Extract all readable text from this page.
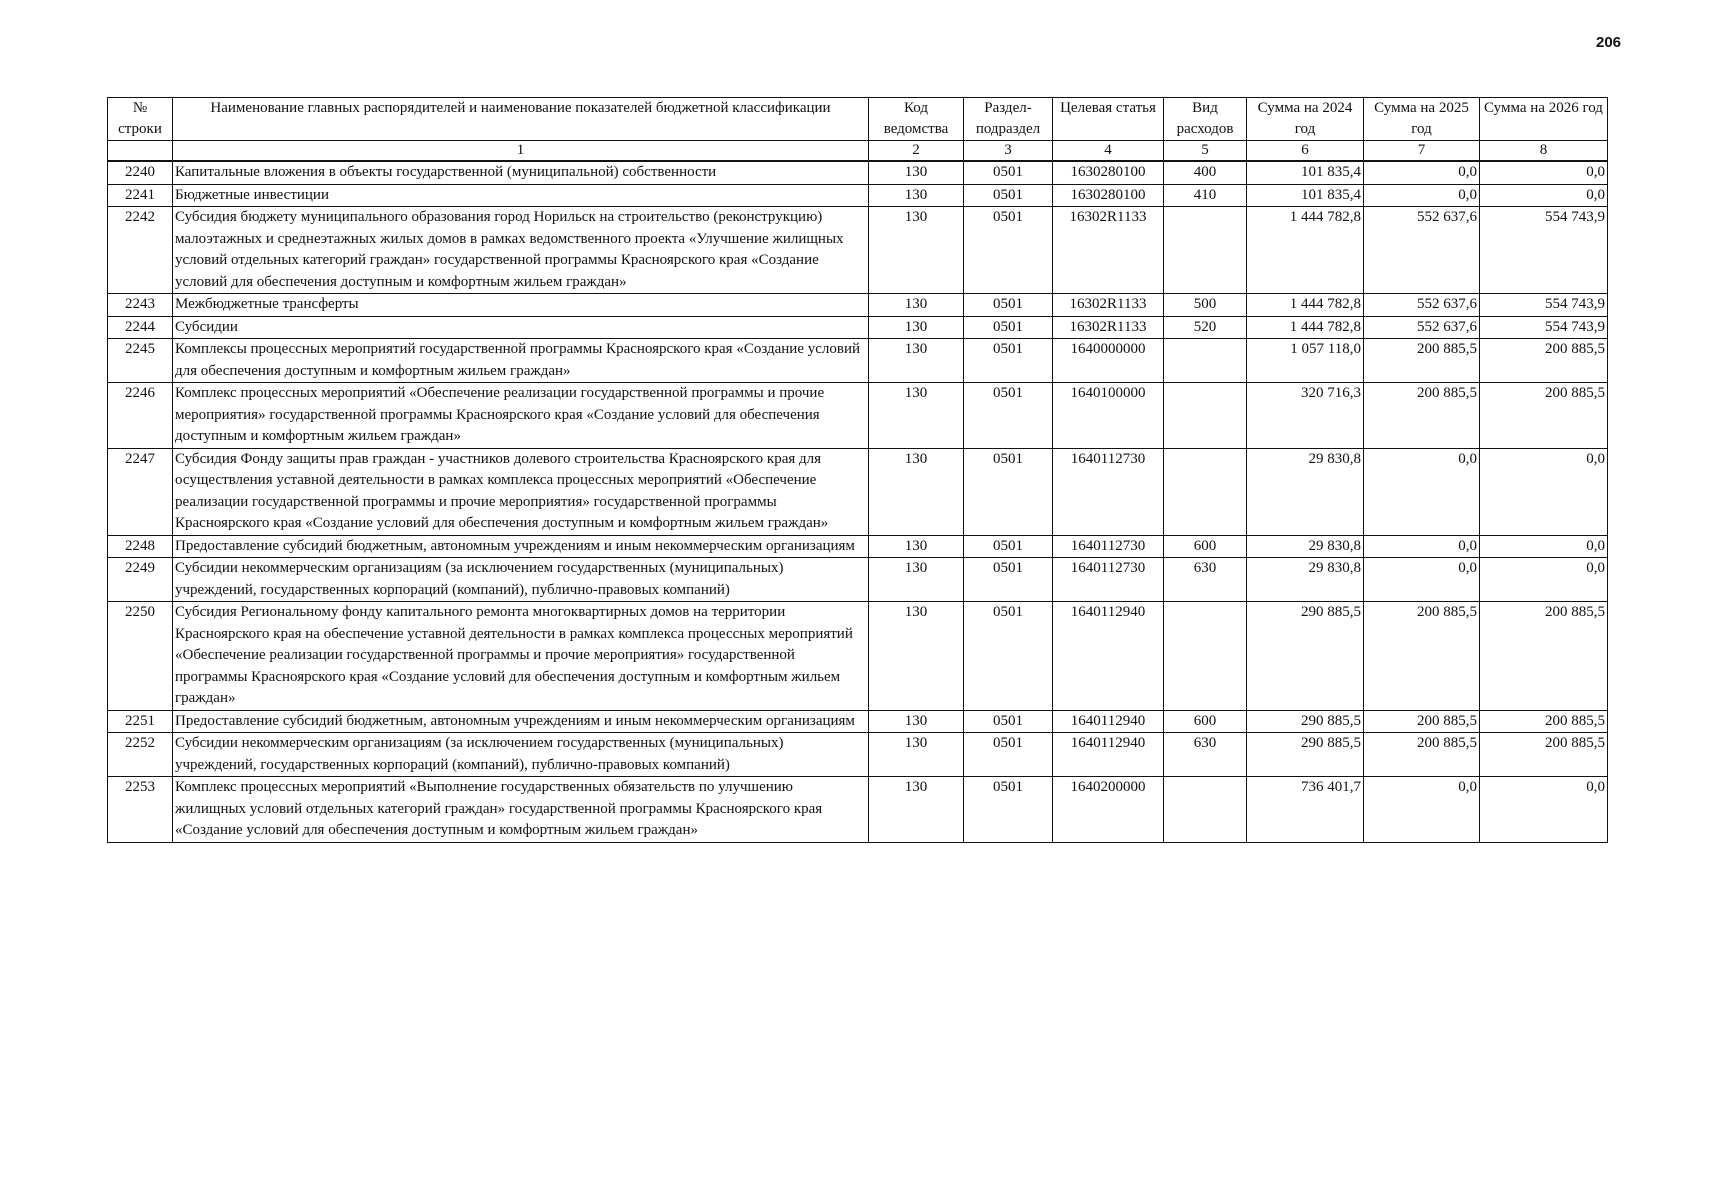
206
№ строки	Наименование главных распорядителей и наименование показателей бюджетной классификации	Код ведомства	Раздел-подраздел	Целевая статья	Вид расходов	Сумма на 2024 год	Сумма на 2025 год	Сумма на 2026 год
	1	2	3	4	5	6	7	8
2240	Капитальные вложения в объекты государственной (муниципальной) собственности	130	0501	1630280100	400	101 835,4	0,0	0,0
2241	Бюджетные инвестиции	130	0501	1630280100	410	101 835,4	0,0	0,0
2242	Субсидия бюджету муниципального образования город Норильск на строительство (реконструкцию) малоэтажных и среднеэтажных жилых домов в рамках ведомственного проекта «Улучшение жилищных условий отдельных категорий граждан» государственной программы Красноярского края «Создание условий для обеспечения доступным и комфортным жильем граждан»	130	0501	16302R1133		1 444 782,8	552 637,6	554 743,9
2243	Межбюджетные трансферты	130	0501	16302R1133	500	1 444 782,8	552 637,6	554 743,9
2244	Субсидии	130	0501	16302R1133	520	1 444 782,8	552 637,6	554 743,9
2245	Комплексы процессных мероприятий государственной программы Красноярского края «Создание условий для обеспечения доступным и комфортным жильем граждан»	130	0501	1640000000		1 057 118,0	200 885,5	200 885,5
2246	Комплекс процессных мероприятий «Обеспечение реализации государственной программы и прочие мероприятия» государственной программы Красноярского края «Создание условий для обеспечения доступным и комфортным жильем граждан»	130	0501	1640100000		320 716,3	200 885,5	200 885,5
2247	Субсидия Фонду защиты прав граждан - участников долевого строительства Красноярского края для осуществления уставной деятельности в рамках комплекса процессных мероприятий «Обеспечение реализации государственной программы и прочие мероприятия» государственной программы Красноярского края «Создание условий для обеспечения доступным и комфортным жильем граждан»	130	0501	1640112730		29 830,8	0,0	0,0
2248	Предоставление субсидий бюджетным, автономным учреждениям и иным некоммерческим организациям	130	0501	1640112730	600	29 830,8	0,0	0,0
2249	Субсидии некоммерческим организациям (за исключением государственных (муниципальных) учреждений, государственных корпораций (компаний), публично-правовых компаний)	130	0501	1640112730	630	29 830,8	0,0	0,0
2250	Субсидия Региональному фонду капитального ремонта многоквартирных домов на территории Красноярского края на обеспечение уставной деятельности в рамках комплекса процессных мероприятий «Обеспечение реализации государственной программы и прочие мероприятия» государственной программы Красноярского края «Создание условий для обеспечения доступным и комфортным жильем граждан»	130	0501	1640112940		290 885,5	200 885,5	200 885,5
2251	Предоставление субсидий бюджетным, автономным учреждениям и иным некоммерческим организациям	130	0501	1640112940	600	290 885,5	200 885,5	200 885,5
2252	Субсидии некоммерческим организациям (за исключением государственных (муниципальных) учреждений, государственных корпораций (компаний), публично-правовых компаний)	130	0501	1640112940	630	290 885,5	200 885,5	200 885,5
2253	Комплекс процессных мероприятий «Выполнение государственных обязательств по улучшению жилищных условий отдельных категорий граждан» государственной программы Красноярского края «Создание условий для обеспечения доступным и комфортным жильем граждан»	130	0501	1640200000		736 401,7	0,0	0,0
